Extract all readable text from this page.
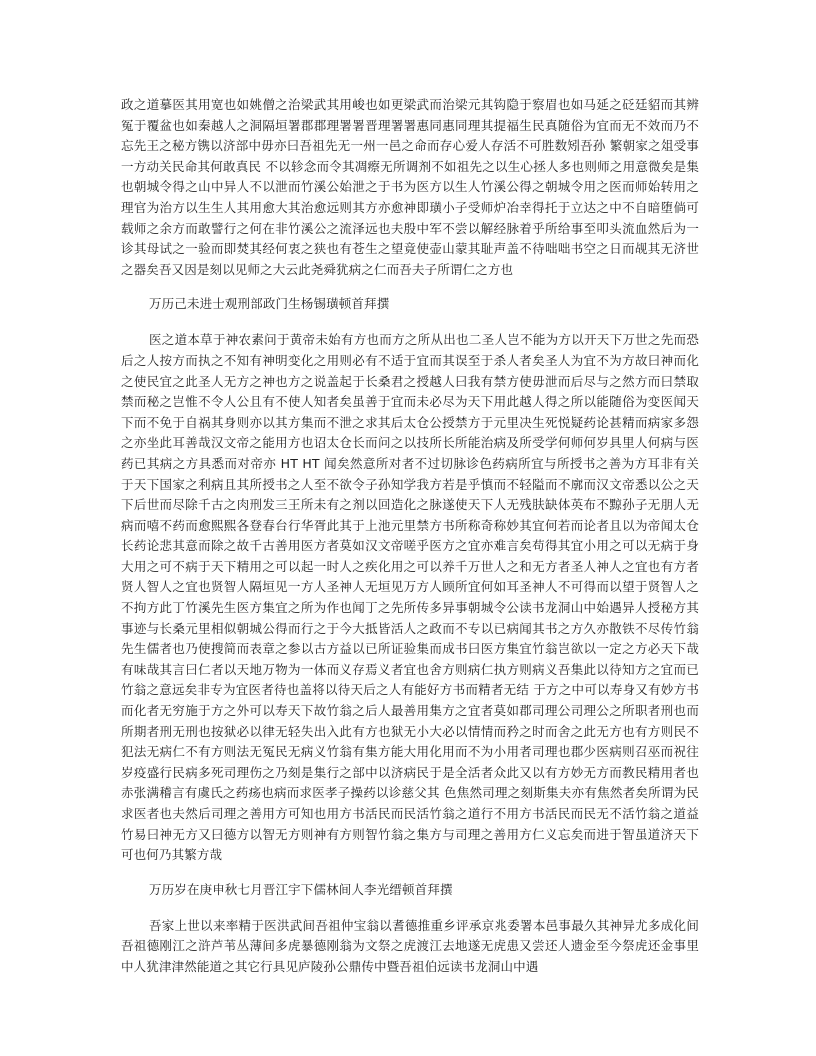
政之道摹医其用宽也如姚僧之治梁武其用峻也如更梁武而治梁元其钩隐于察眉也如马延之砭廷貂而其辨冤于覆盆也如秦越人之洞隔垣署郡郡理署署晋理署署惠同惠同理其提福生民真随俗为宜而无不效而乃不忘先王之秘方镌以济部中毋亦曰吾祖先无一州一邑之命而存心爱人存活不可胜数矧吾孙 繁朝家之俎受事一方动关民命其何敢真民 不以轸念而令其凋瘵无所调剂不如祖先之以生心拯人多也则师之用意微矣是集也朝城令得之山中异人不以泄而竹溪公始泄之于书为医方以生人竹溪公得之朝城令用之医而师始转用之理官为治方以生生人其用愈大其治愈远则其方亦愈神即璜小子受师炉冶幸得托于立达之中不自暗堕倘可载师之余方而敢譬行之何在非竹溪公之流泽远也夫殷中军不尝以解经脉着乎所给事至叩头流血然后为一诊其母试之一验而即焚其经何衷之狭也有苍生之望竟使壶山蒙其耻声盖不待咄咄书空之日而觇其无济世之器矣吾又因是刻以见师之大云此尧舜犹病之仁而吾夫子所谓仁之方也

万历己未进士观刑部政门生杨锡璜顿首拜撰

医之道本草于神农素问于黄帝未始有方也而方之所从出也二圣人岂不能为方以开天下万世之先而恐后之人按方而执之不知有神明变化之用则必有不适于宜而其误至于杀人者矣圣人为宜不为方故曰神而化之使民宜之此圣人无方之神也方之说盖起于长桑君之授越人曰我有禁方使毋泄而后尽与之然方而曰禁取禁而秘之岂惟不令人公且有不使人知者矣虽善于宜而未必尽为天下用此越人得之所以能随俗为变医闻天下而不免于自祸其身则亦以其方集而不泄之求其后太仓公授禁方于元里决生死悦疑药论甚精而病家多怨之亦坐此耳善哉汉文帝之能用方也诏太仓长而问之以技所长所能治病及所受学何师何岁具里人何病与医药已其病之方具悉而对帝亦 HT HT 闻矣然意所对者不过切脉诊色药病所宜与所授书之善为方耳非有关于天下国家之利病且其所授书之人至不欲令子孙知学我方若是乎慎而不轻隘而不廓而汉文帝悉以公之天下后世而尽除千古之肉刑发三王所未有之剂以回造化之脉遂使天下人无残肤缺体英布不黥孙子无朋人无病而嘻不药而愈熙熙各登春台行华胥此其于上池元里禁方书所称奇称妙其宜何若而论者且以为帝闻太仓长药论悲其意而除之故千古善用医方者莫如汉文帝嗟乎医方之宜亦难言矣苟得其宜小用之可以无病于身大用之可不病于天下精用之可以起一时人之疾化用之可以养千万世人之和无方者圣人神人之宜也有方者贤人智人之宜也贤智人隔垣见一方人圣神人无垣见万方人顾所宜何如耳圣神人不可得而以望于贤智人之不拘方此丁竹溪先生医方集宜之所为作也闻丁之先所传多异事朝城令公读书龙洞山中始遇异人授秘方其事迹与长桑元里相似朝城公得而行之于今大抵皆活人之政而不专以已病闻其书之方久亦散铁不尽传竹翁先生儒者也乃使搜简而表章之参以古方益以已所证验集而成书曰医方集宜竹翁岂欲以一定之方必天下哉有味哉其言曰仁者以天地万物为一体而义存焉义者宜也舍方则病仁执方则病义吾集此以待知方之宜而已竹翁之意远矣非专为宜医者待也盖将以待天后之人有能好方书而精者无结 于方之中可以寿身又有妙方书而化者无穷施于方之外可以寿天下故竹翁之后人最善用集方之宜者莫如郡司理公司理公之所职者刑也而所期者刑无刑也按狱必以律无轻失出入此有方也狱无小大必以情情而矜之时而舍之此无方也有方则民不犯法无病仁不有方则法无冤民无病义竹翁有集方能大用化用而不为小用者司理也郡少医病则召巫而祝往岁疫盛行民病多死司理伤之乃刻是集行之部中以济病民于是全活者众此又以有方妙无方而教民精用者也赤张满稽言有虞氏之药疡也病而求医孝子操药以诊慈父其 色焦然司理之刻斯集夫亦有焦然者矣所谓为民求医者也夫然后司理之善用方可知也用方书活民而民活竹翁之道行不用方书活民而民无不活竹翁之道益竹易曰神无方又曰德方以智无方则神有方则智竹翁之集方与司理之善用方仁义忘矣而进于智虽道济天下可也何乃其繁方哉

万历岁在庚申秋七月晋江宇下儒林间人李光缙顿首拜撰

吾家上世以来率精于医洪武间吾祖仲宝翁以耆德推重乡评承京兆委署本邑事最久其神异尤多成化间吾祖德刚江之浒芦苇丛薄间多虎暴德刚翁为文祭之虎渡江去地遂无虎患又尝还人遗金至今祭虎还金事里中人犹津津然能道之其它行具见庐陵孙公鼎传中暨吾祖伯远读书龙洞山中遇
